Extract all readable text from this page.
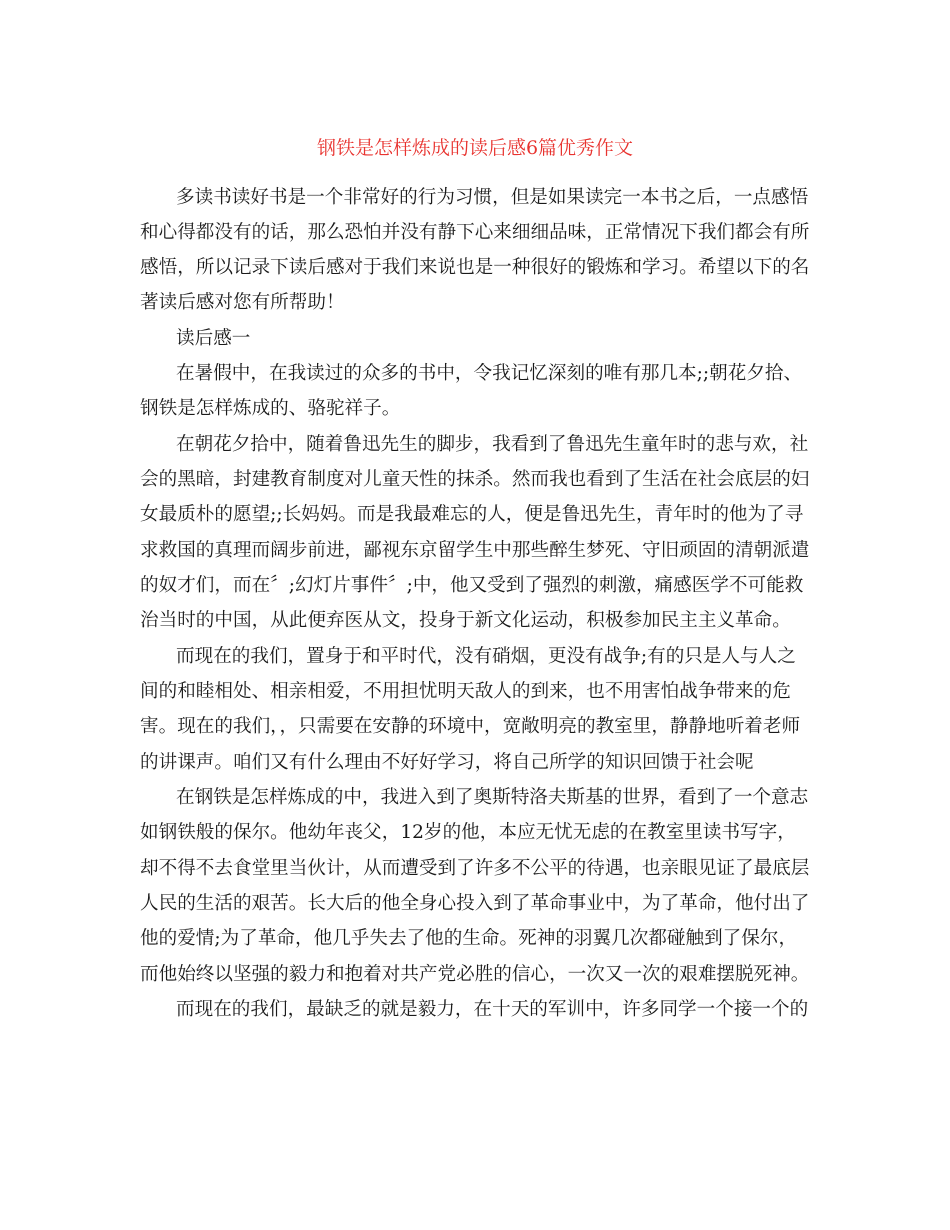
钢铁是怎样炼成的读后感6篇优秀作文
多读书读好书是一个非常好的行为习惯，但是如果读完一本书之后，一点感悟
和心得都没有的话，那么恐怕并没有静下心来细细品味，正常情况下我们都会有所
感悟，所以记录下读后感对于我们来说也是一种很好的锻炼和学习。希望以下的名
著读后感对您有所帮助！
读后感一
在暑假中，在我读过的众多的书中，令我记忆深刻的唯有那几本;;朝花夕拾、
钢铁是怎样炼成的、骆驼祥子。
在朝花夕拾中，随着鲁迅先生的脚步，我看到了鲁迅先生童年时的悲与欢，社
会的黑暗，封建教育制度对儿童天性的抹杀。然而我也看到了生活在社会底层的妇
女最质朴的愿望;;长妈妈。而是我最难忘的人，便是鲁迅先生，青年时的他为了寻
求救国的真理而阔步前进，鄙视东京留学生中那些醉生梦死、守旧顽固的清朝派遣
的奴才们，而在〞;幻灯片事件〞;中，他又受到了强烈的刺激，痛感医学不可能救
治当时的中国，从此便弃医从文，投身于新文化运动，积极参加民主主义革命。
而现在的我们，置身于和平时代，没有硝烟，更没有战争;有的只是人与人之
间的和睦相处、相亲相爱，不用担忧明天敌人的到来，也不用害怕战争带来的危
害。现在的我们，，只需要在安静的环境中，宽敞明亮的教室里，静静地听着老师
的讲课声。咱们又有什么理由不好好学习，将自己所学的知识回馈于社会呢
在钢铁是怎样炼成的中，我进入到了奥斯特洛夫斯基的世界，看到了一个意志
如钢铁般的保尔。他幼年丧父，12岁的他，本应无忧无虑的在教室里读书写字，
却不得不去食堂里当伙计，从而遭受到了许多不公平的待遇，也亲眼见证了最底层
人民的生活的艰苦。长大后的他全身心投入到了革命事业中，为了革命，他付出了
他的爱情;为了革命，他几乎失去了他的生命。死神的羽翼几次都碰触到了保尔，
而他始终以坚强的毅力和抱着对共产党必胜的信心，一次又一次的艰难摆脱死神。
而现在的我们，最缺乏的就是毅力，在十天的军训中，许多同学一个接一个的
